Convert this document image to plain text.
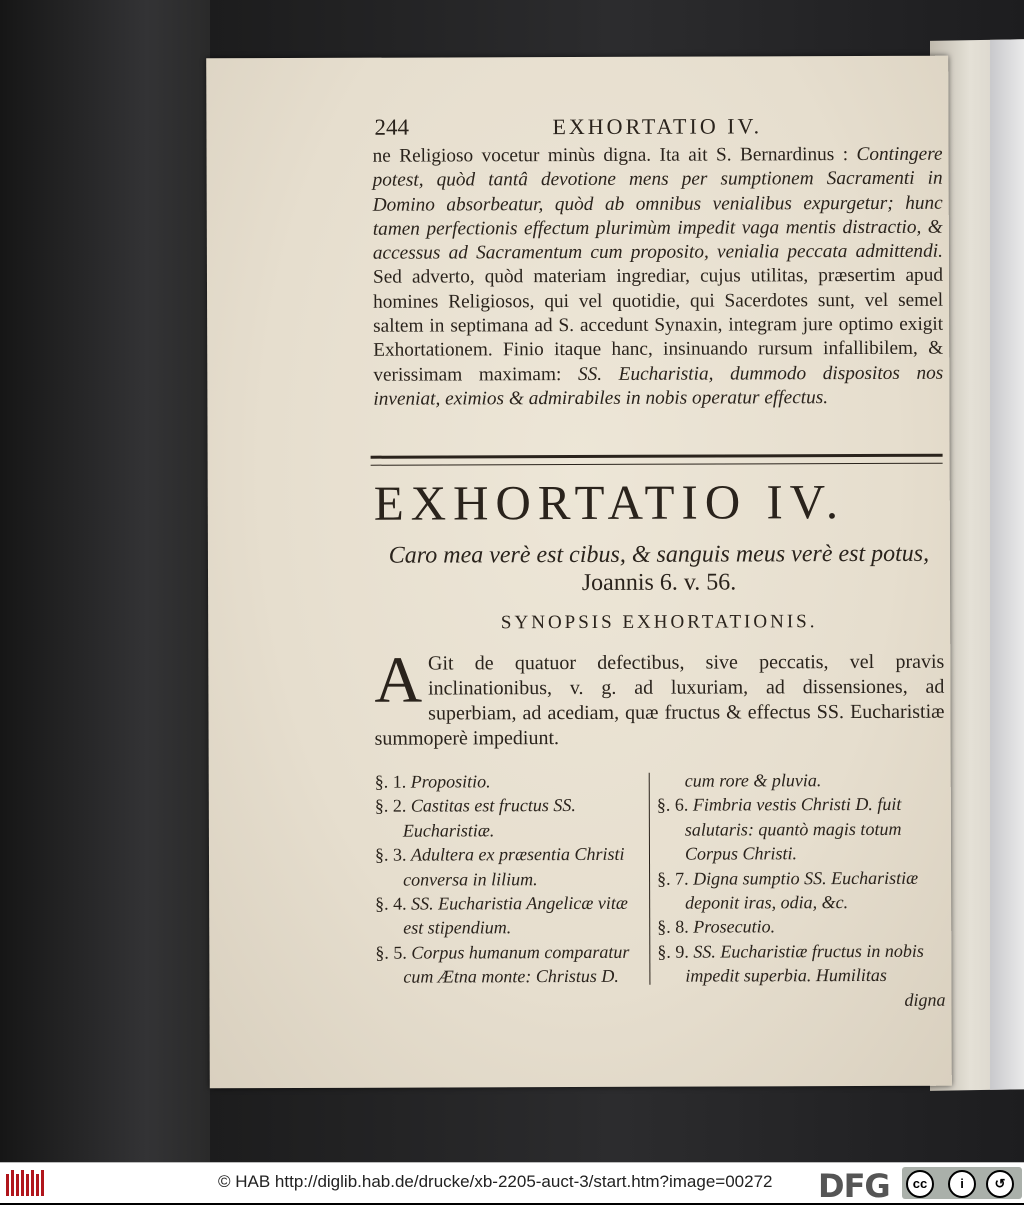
244	EXHORTATIO IV.

ne Religioso vocetur minùs digna. Ita ait S. Bernardinus : Contingere potest, quòd tantâ devotione mens per sumptionem Sacramenti in Domino absorbeatur, quòd ab omnibus venialibus expurgetur; hunc tamen perfectionis effectum plurimùm impedit vaga mentis distractio, & accessus ad Sacramentum cum proposito, venialia peccata admittendi. Sed adverto, quòd materiam ingrediar, cujus utilitas, præsertim apud homines Religiosos, qui vel quotidie, qui Sacerdotes sunt, vel semel saltem in septimana ad S. accedunt Synaxin, integram jure optimo exigit Exhortationem. Finio itaque hanc, insinuando rursum infallibilem, & verissimam maximam: SS. Eucharistia, dummodo dispositos nos inveniat, eximios & admirabiles in nobis operatur effectus.

EXHORTATIO IV.
Caro mea verè est cibus, & sanguis meus verè est potus,
Joannis 6. v. 56.
SYNOPSIS EXHORTATIONIS.
A Git de quatuor defectibus, sive peccatis, vel pravis inclinationibus, v. g. ad luxuriam, ad dissensiones, ad superbiam, ad acediam, quæ fructus & effectus SS. Eucharistiæ summoperè impediunt.

§. 1. Propositio.

§. 2. Castitas est fructus SS. Eucharistiæ.

§. 3. Adultera ex præsentia Christi conversa in lilium.

§. 4. SS. Eucharistia Angelicæ vitæ est stipendium.

§. 5. Corpus humanum comparatur cum Ætna monte: Christus D.

cum rore & pluvia.

§. 6. Fimbria vestis Christi D. fuit salutaris: quantò magis totum Corpus Christi.

§. 7. Digna sumptio SS. Eucharistiæ deponit iras, odia, &c.

§. 8. Prosecutio.

§. 9. SS. Eucharistiæ fructus in nobis impedit superbia. Humilitas

digna
© HAB http://diglib.hab.de/drucke/xb-2205-auct-3/start.htm?image=00272 DFG	cc	i	↺
